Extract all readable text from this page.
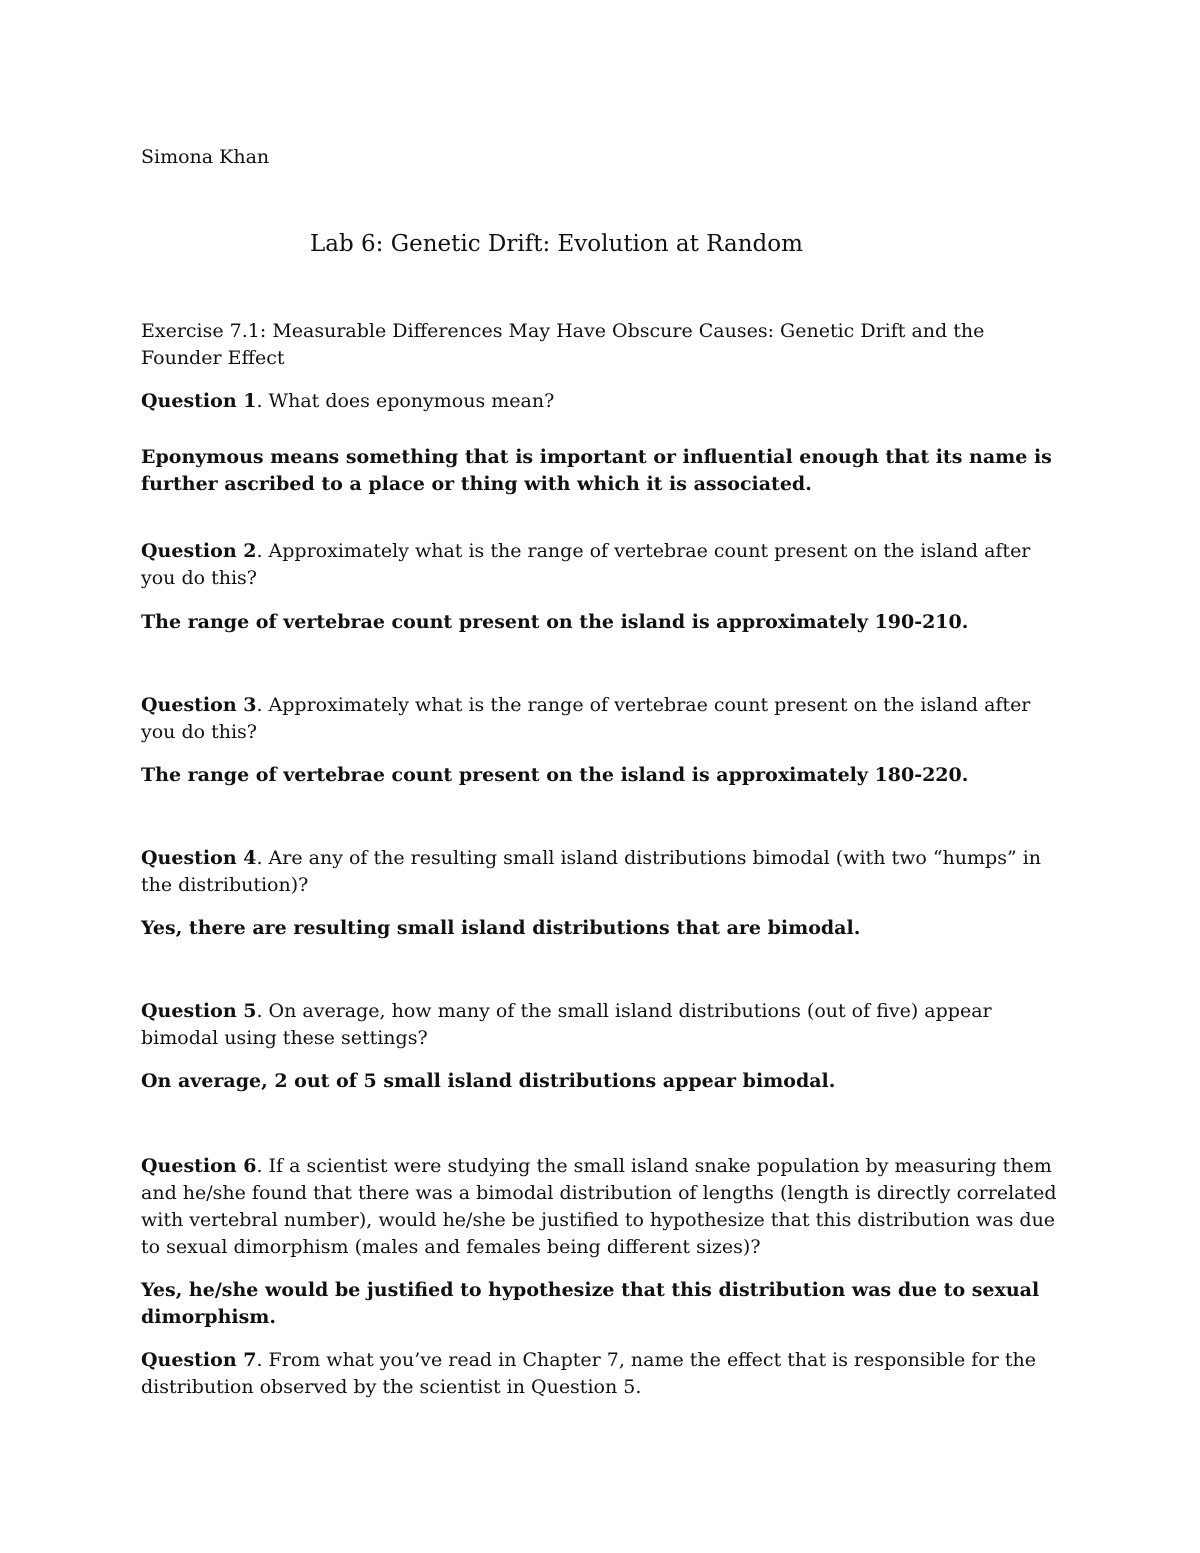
Simona Khan

Lab 6: Genetic Drift: Evolution at Random

Exercise 7.1: Measurable Differences May Have Obscure Causes: Genetic Drift and the Founder Effect

Question 1. What does eponymous mean?

Eponymous means something that is important or influential enough that its name is further ascribed to a place or thing with which it is associated.

Question 2. Approximately what is the range of vertebrae count present on the island after you do this?

The range of vertebrae count present on the island is approximately 190-210.

Question 3. Approximately what is the range of vertebrae count present on the island after you do this?

The range of vertebrae count present on the island is approximately 180-220.

Question 4. Are any of the resulting small island distributions bimodal (with two “humps” in the distribution)?

Yes, there are resulting small island distributions that are bimodal.

Question 5. On average, how many of the small island distributions (out of five) appear bimodal using these settings?

On average, 2 out of 5 small island distributions appear bimodal.

Question 6. If a scientist were studying the small island snake population by measuring them and he/she found that there was a bimodal distribution of lengths (length is directly correlated with vertebral number), would he/she be justified to hypothesize that this distribution was due to sexual dimorphism (males and females being different sizes)?

Yes, he/she would be justified to hypothesize that this distribution was due to sexual dimorphism.

Question 7. From what you’ve read in Chapter 7, name the effect that is responsible for the distribution observed by the scientist in Question 5.
